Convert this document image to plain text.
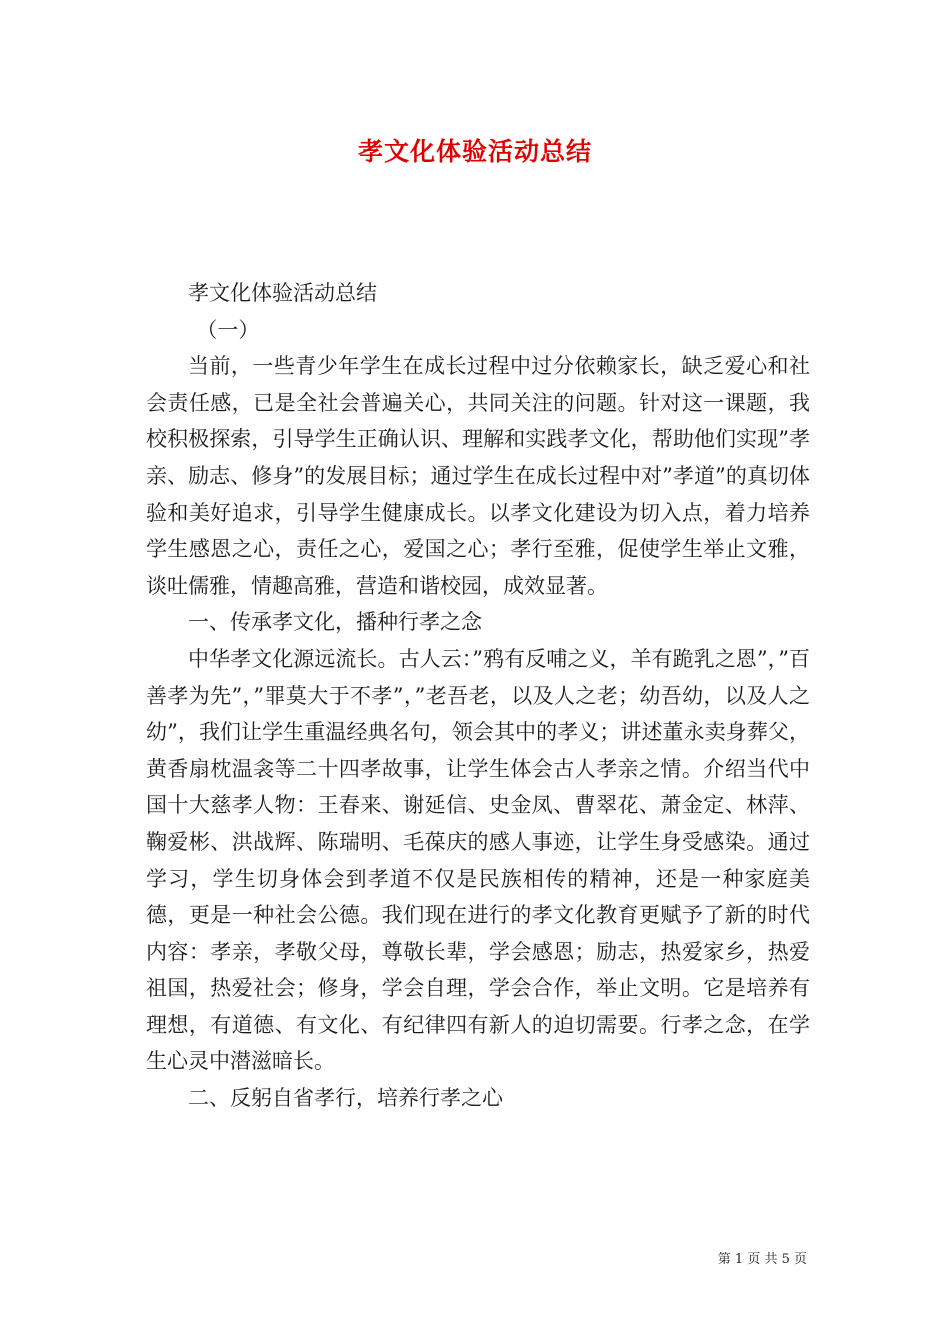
孝文化体验活动总结

孝文化体验活动总结

（一）

当前，一些青少年学生在成长过程中过分依赖家长，缺乏爱心和社会责任感，已是全社会普遍关心，共同关注的问题。针对这一课题，我校积极探索，引导学生正确认识、理解和实践孝文化，帮助他们实现”孝亲、励志、修身”的发展目标；通过学生在成长过程中对”孝道”的真切体验和美好追求，引导学生健康成长。以孝文化建设为切入点，着力培养学生感恩之心，责任之心，爱国之心；孝行至雅，促使学生举止文雅，谈吐儒雅，情趣高雅，营造和谐校园，成效显著。

一、传承孝文化，播种行孝之念

中华孝文化源远流长。古人云：”鸦有反哺之义，羊有跪乳之恩”，”百善孝为先”，”罪莫大于不孝”，”老吾老，以及人之老；幼吾幼，以及人之幼”，我们让学生重温经典名句，领会其中的孝义；讲述董永卖身葬父，黄香扇枕温衾等二十四孝故事，让学生体会古人孝亲之情。介绍当代中国十大慈孝人物：王春来、谢延信、史金凤、曹翠花、萧金定、林萍、鞠爱彬、洪战辉、陈瑞明、毛葆庆的感人事迹，让学生身受感染。通过学习，学生切身体会到孝道不仅是民族相传的精神，还是一种家庭美德，更是一种社会公德。我们现在进行的孝文化教育更赋予了新的时代内容：孝亲，孝敬父母，尊敬长辈，学会感恩；励志，热爱家乡，热爱祖国，热爱社会；修身，学会自理，学会合作，举止文明。它是培养有理想，有道德、有文化、有纪律四有新人的迫切需要。行孝之念，在学生心灵中潜滋暗长。

二、反躬自省孝行，培养行孝之心

第 1 页 共 5 页
